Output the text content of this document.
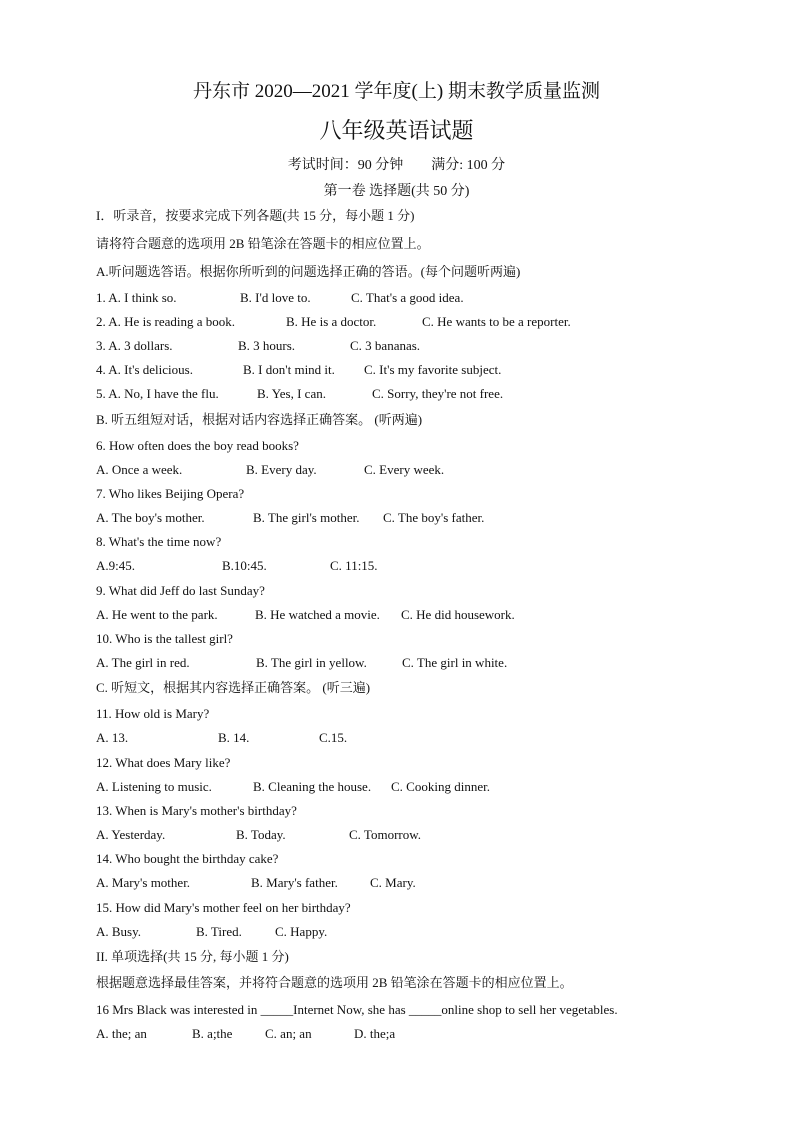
丹东市 2020—2021 学年度(上) 期末教学质量监测
八年级英语试题
考试时间：90 分钟        满分: 100 分
第一卷 选择题(共 50 分)
I．听录音，按要求完成下列各题(共 15 分，每小题 1 分)
请将符合题意的选项用 2B 铅笔涂在答题卡的相应位置上。
A.听问题选答语。根据你所听到的问题选择正确的答语。(每个问题听两遍)
1. A. I think so.	B. I'd love to.	C. That's a good idea.
2. A. He is reading a book.	B. He is a doctor.	C. He wants to be a reporter.
3. A. 3 dollars.	B. 3 hours.	C. 3 bananas.
4. A. It's delicious.	B. I don't mind it. C. It's my favorite subject.
5. A. No, I have the flu.	B. Yes, I can.	C. Sorry, they're not free.
B. 听五组短对话，根据对话内容选择正确答案。 (听两遍)
6. How often does the boy read books?
A. Once a week.	B. Every day.	C. Every week.
7. Who likes Beijing Opera?
A. The boy's mother.	B. The girl's mother. C. The boy's father.
8. What's the time now?
A.9:45.	B.10:45.	C. 11:15.
9. What did Jeff do last Sunday?
A. He went to the park.	B. He watched a movie. C. He did housework.
10. Who is the tallest girl?
A. The girl in red.	B. The girl in yellow.	C. The girl in white.
C. 听短文，根据其内容选择正确答案。 (听三遍)
11. How old is Mary?
A. 13.	B. 14.	C.15.
12. What does Mary like?
A. Listening to music.	B. Cleaning the house. C. Cooking dinner.
13. When is Mary's mother's birthday?
A. Yesterday.	B. Today.	C. Tomorrow.
14. Who bought the birthday cake?
A. Mary's mother.	B. Mary's father. C. Mary.
15. How did Mary's mother feel on her birthday?
A. Busy.	B. Tired.	C. Happy.
II. 单项选择(共 15 分, 每小题 1 分)
根据题意选择最佳答案，并将符合题意的选项用 2B 铅笔涂在答题卡的相应位置上。
16 Mrs Black was interested in _____Internet Now, she has _____online shop to sell her vegetables.
A. the; an	B. a;the	C. an; an	D. the;a
